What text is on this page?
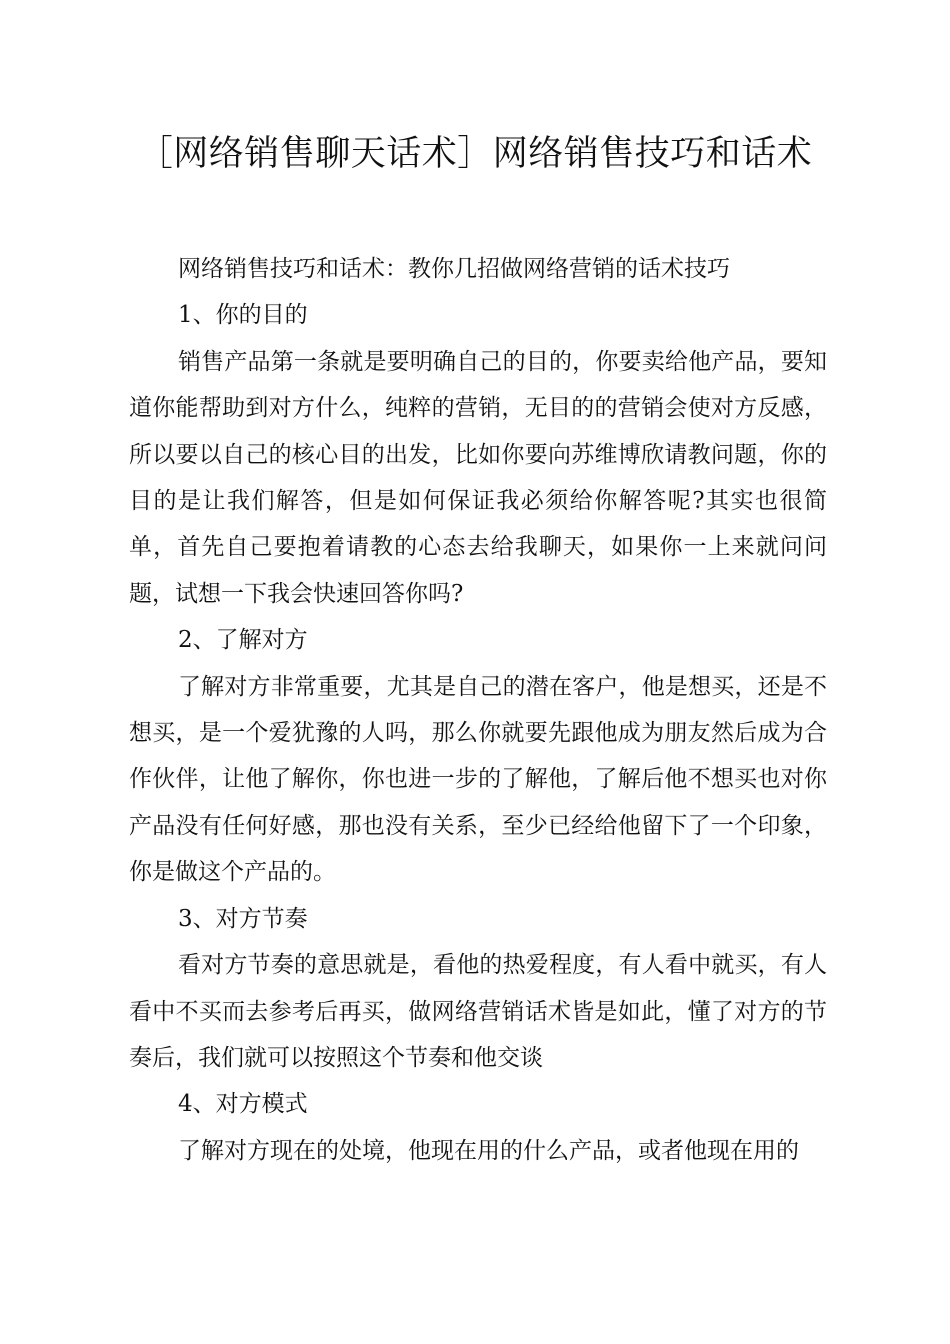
［网络销售聊天话术］网络销售技巧和话术

网络销售技巧和话术：教你几招做网络营销的话术技巧

1、你的目的

销售产品第一条就是要明确自己的目的，你要卖给他产品，要知道你能帮助到对方什么，纯粹的营销，无目的的营销会使对方反感，所以要以自己的核心目的出发，比如你要向苏维博欣请教问题，你的目的是让我们解答，但是如何保证我必须给你解答呢?其实也很简单，首先自己要抱着请教的心态去给我聊天，如果你一上来就问问题，试想一下我会快速回答你吗?

2、了解对方

了解对方非常重要，尤其是自己的潜在客户，他是想买，还是不想买，是一个爱犹豫的人吗，那么你就要先跟他成为朋友然后成为合作伙伴，让他了解你，你也进一步的了解他，了解后他不想买也对你产品没有任何好感，那也没有关系，至少已经给他留下了一个印象，你是做这个产品的。

3、对方节奏

看对方节奏的意思就是，看他的热爱程度，有人看中就买，有人看中不买而去参考后再买，做网络营销话术皆是如此，懂了对方的节奏后，我们就可以按照这个节奏和他交谈

4、对方模式

了解对方现在的处境，他现在用的什么产品，或者他现在用的
